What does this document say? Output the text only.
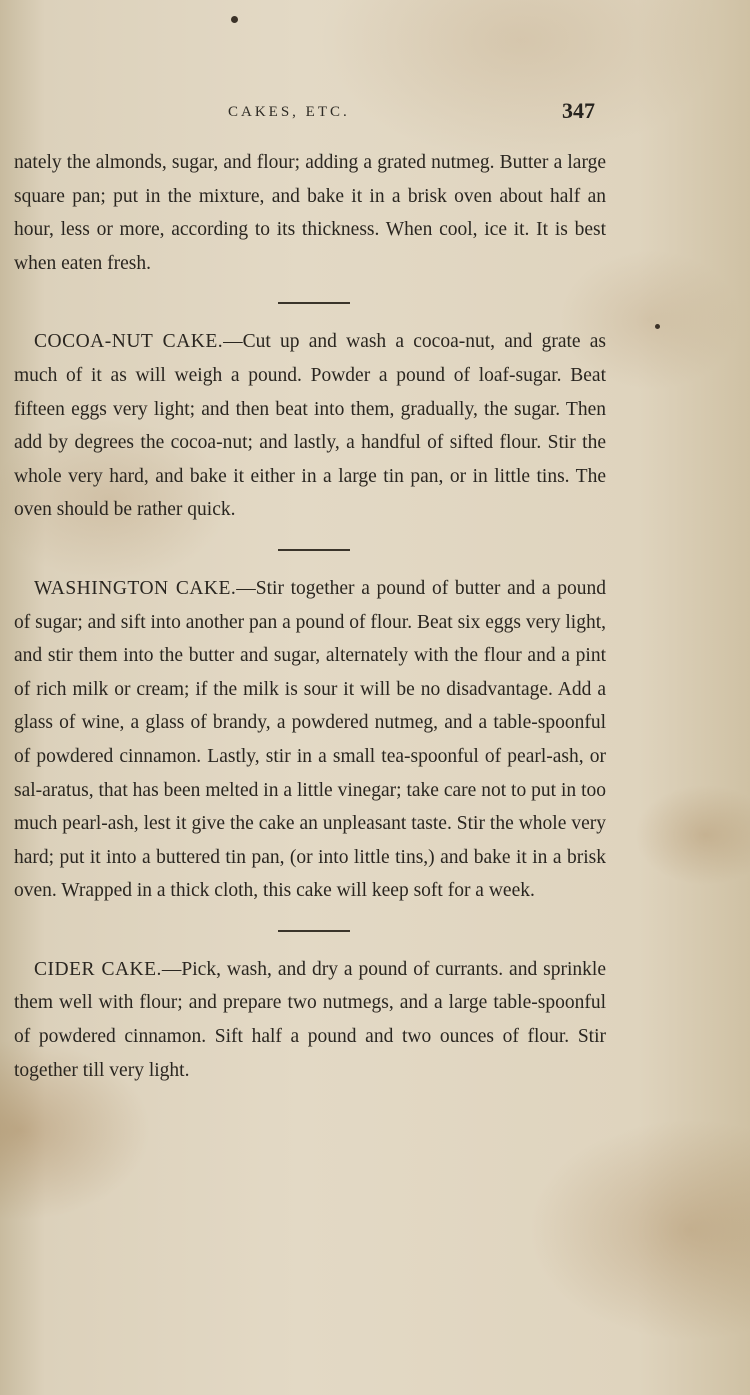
CAKES, ETC.	347

nately the almonds, sugar, and flour; adding a grated nutmeg. Butter a large square pan; put in the mixture, and bake it in a brisk oven about half an hour, less or more, according to its thickness. When cool, ice it. It is best when eaten fresh.

COCOA-NUT CAKE.—Cut up and wash a cocoa-nut, and grate as much of it as will weigh a pound. Powder a pound of loaf-sugar. Beat fifteen eggs very light; and then beat into them, gradually, the sugar. Then add by degrees the cocoa-nut; and lastly, a handful of sifted flour. Stir the whole very hard, and bake it either in a large tin pan, or in little tins. The oven should be rather quick.

WASHINGTON CAKE.—Stir together a pound of butter and a pound of sugar; and sift into another pan a pound of flour. Beat six eggs very light, and stir them into the butter and sugar, alternately with the flour and a pint of rich milk or cream; if the milk is sour it will be no disadvantage. Add a glass of wine, a glass of brandy, a powdered nutmeg, and a table-spoonful of powdered cinnamon. Lastly, stir in a small tea-spoonful of pearl-ash, or sal-aratus, that has been melted in a little vinegar; take care not to put in too much pearl-ash, lest it give the cake an unpleasant taste. Stir the whole very hard; put it into a buttered tin pan, (or into little tins,) and bake it in a brisk oven. Wrapped in a thick cloth, this cake will keep soft for a week.

CIDER CAKE.—Pick, wash, and dry a pound of currants. and sprinkle them well with flour; and prepare two nutmegs, and a large table-spoonful of powdered cinnamon. Sift half a pound and two ounces of flour. Stir together till very light.
